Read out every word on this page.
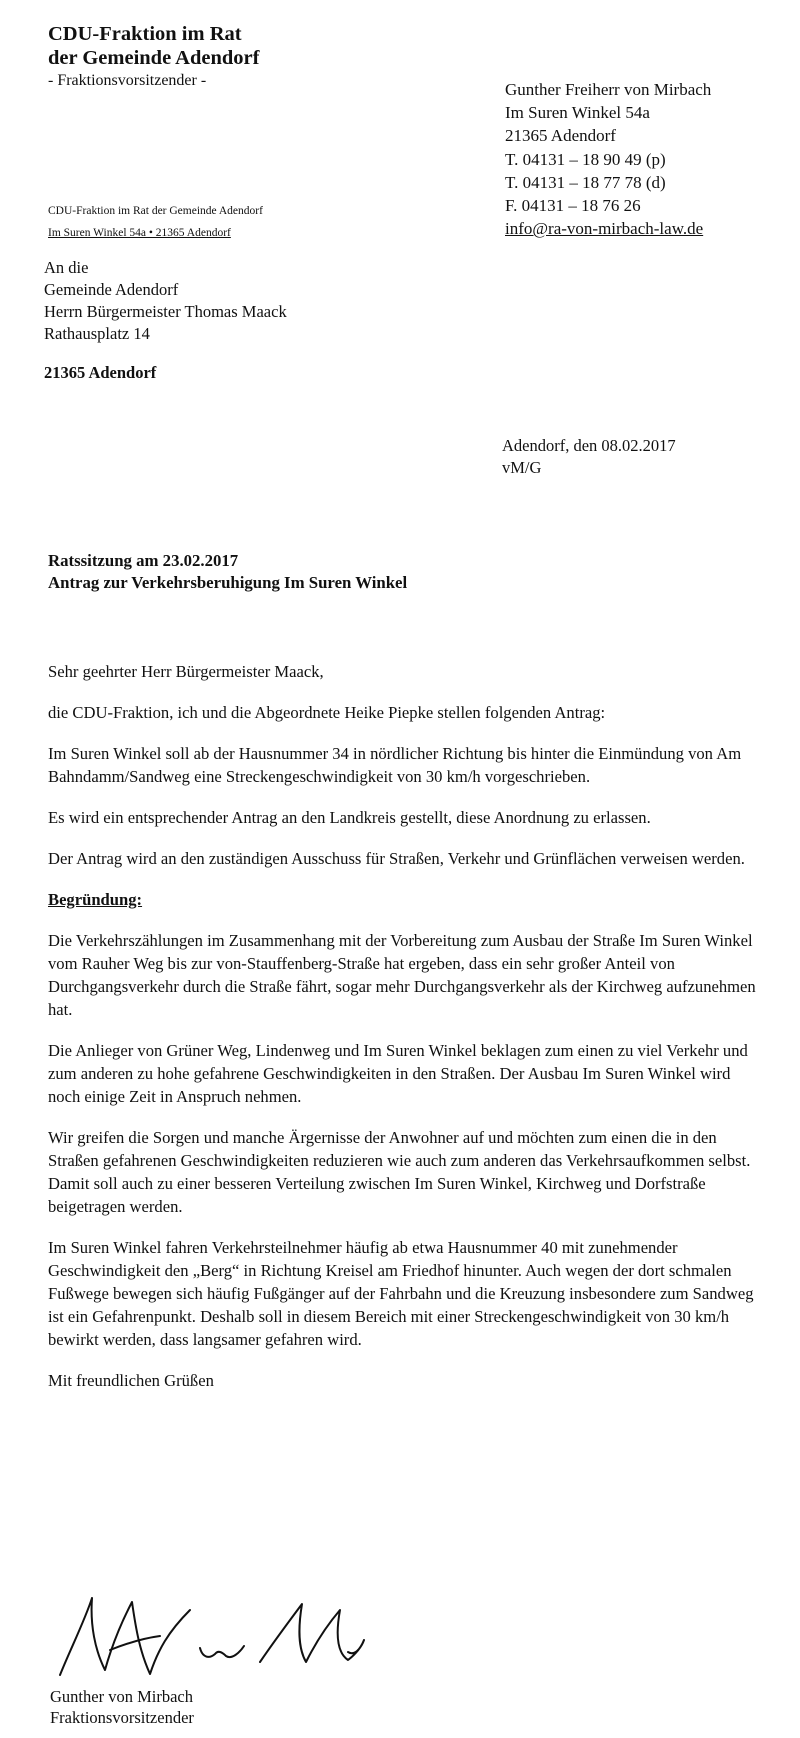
CDU-Fraktion im Rat
der Gemeinde Adendorf
- Fraktionsvorsitzender -	Gunther Freiherr von Mirbach
Im Suren Winkel 54a
21365 Adendorf
T. 04131 – 18 90 49 (p)
T. 04131 – 18 77 78 (d)
F. 04131 – 18 76 26
info@ra-von-mirbach-law.de
CDU-Fraktion im Rat der Gemeinde Adendorf
Im Suren Winkel 54a • 21365 Adendorf
An die
Gemeinde Adendorf
Herrn Bürgermeister Thomas Maack
Rathausplatz 14
21365 Adendorf
Adendorf, den 08.02.2017
vM/G
Ratssitzung am 23.02.2017
Antrag zur Verkehrsberuhigung Im Suren Winkel

Sehr geehrter Herr Bürgermeister Maack,

die CDU-Fraktion, ich und die Abgeordnete Heike Piepke stellen folgenden Antrag:

Im Suren Winkel soll ab der Hausnummer 34 in nördlicher Richtung bis hinter die Einmündung von Am Bahndamm/Sandweg eine Streckengeschwindigkeit von 30 km/h vorgeschrieben.

Es wird ein entsprechender Antrag an den Landkreis gestellt, diese Anordnung zu erlassen.

Der Antrag wird an den zuständigen Ausschuss für Straßen, Verkehr und Grünflächen verweisen werden.

Begründung:

Die Verkehrszählungen im Zusammenhang mit der Vorbereitung zum Ausbau der Straße Im Suren Winkel vom Rauher Weg bis zur von-Stauffenberg-Straße hat ergeben, dass ein sehr großer Anteil von Durchgangsverkehr durch die Straße fährt, sogar mehr Durchgangsverkehr als der Kirchweg aufzunehmen hat.

Die Anlieger von Grüner Weg, Lindenweg und Im Suren Winkel beklagen zum einen zu viel Verkehr und zum anderen zu hohe gefahrene Geschwindigkeiten in den Straßen. Der Ausbau Im Suren Winkel wird noch einige Zeit in Anspruch nehmen.

Wir greifen die Sorgen und manche Ärgernisse der Anwohner auf und möchten zum einen die in den Straßen gefahrenen Geschwindigkeiten reduzieren wie auch zum anderen das Verkehrsaufkommen selbst. Damit soll auch zu einer besseren Verteilung zwischen Im Suren Winkel, Kirchweg und Dorfstraße beigetragen werden.

Im Suren Winkel fahren Verkehrsteilnehmer häufig ab etwa Hausnummer 40 mit zunehmender Geschwindigkeit den „Berg“ in Richtung Kreisel am Friedhof hinunter. Auch wegen der dort schmalen Fußwege bewegen sich häufig Fußgänger auf der Fahrbahn und die Kreuzung insbesondere zum Sandweg ist ein Gefahrenpunkt. Deshalb soll in diesem Bereich mit einer Streckengeschwindigkeit von 30 km/h bewirkt werden, dass langsamer gefahren wird.

Mit freundlichen Grüßen

Gunther von Mirbach
Fraktionsvorsitzender
